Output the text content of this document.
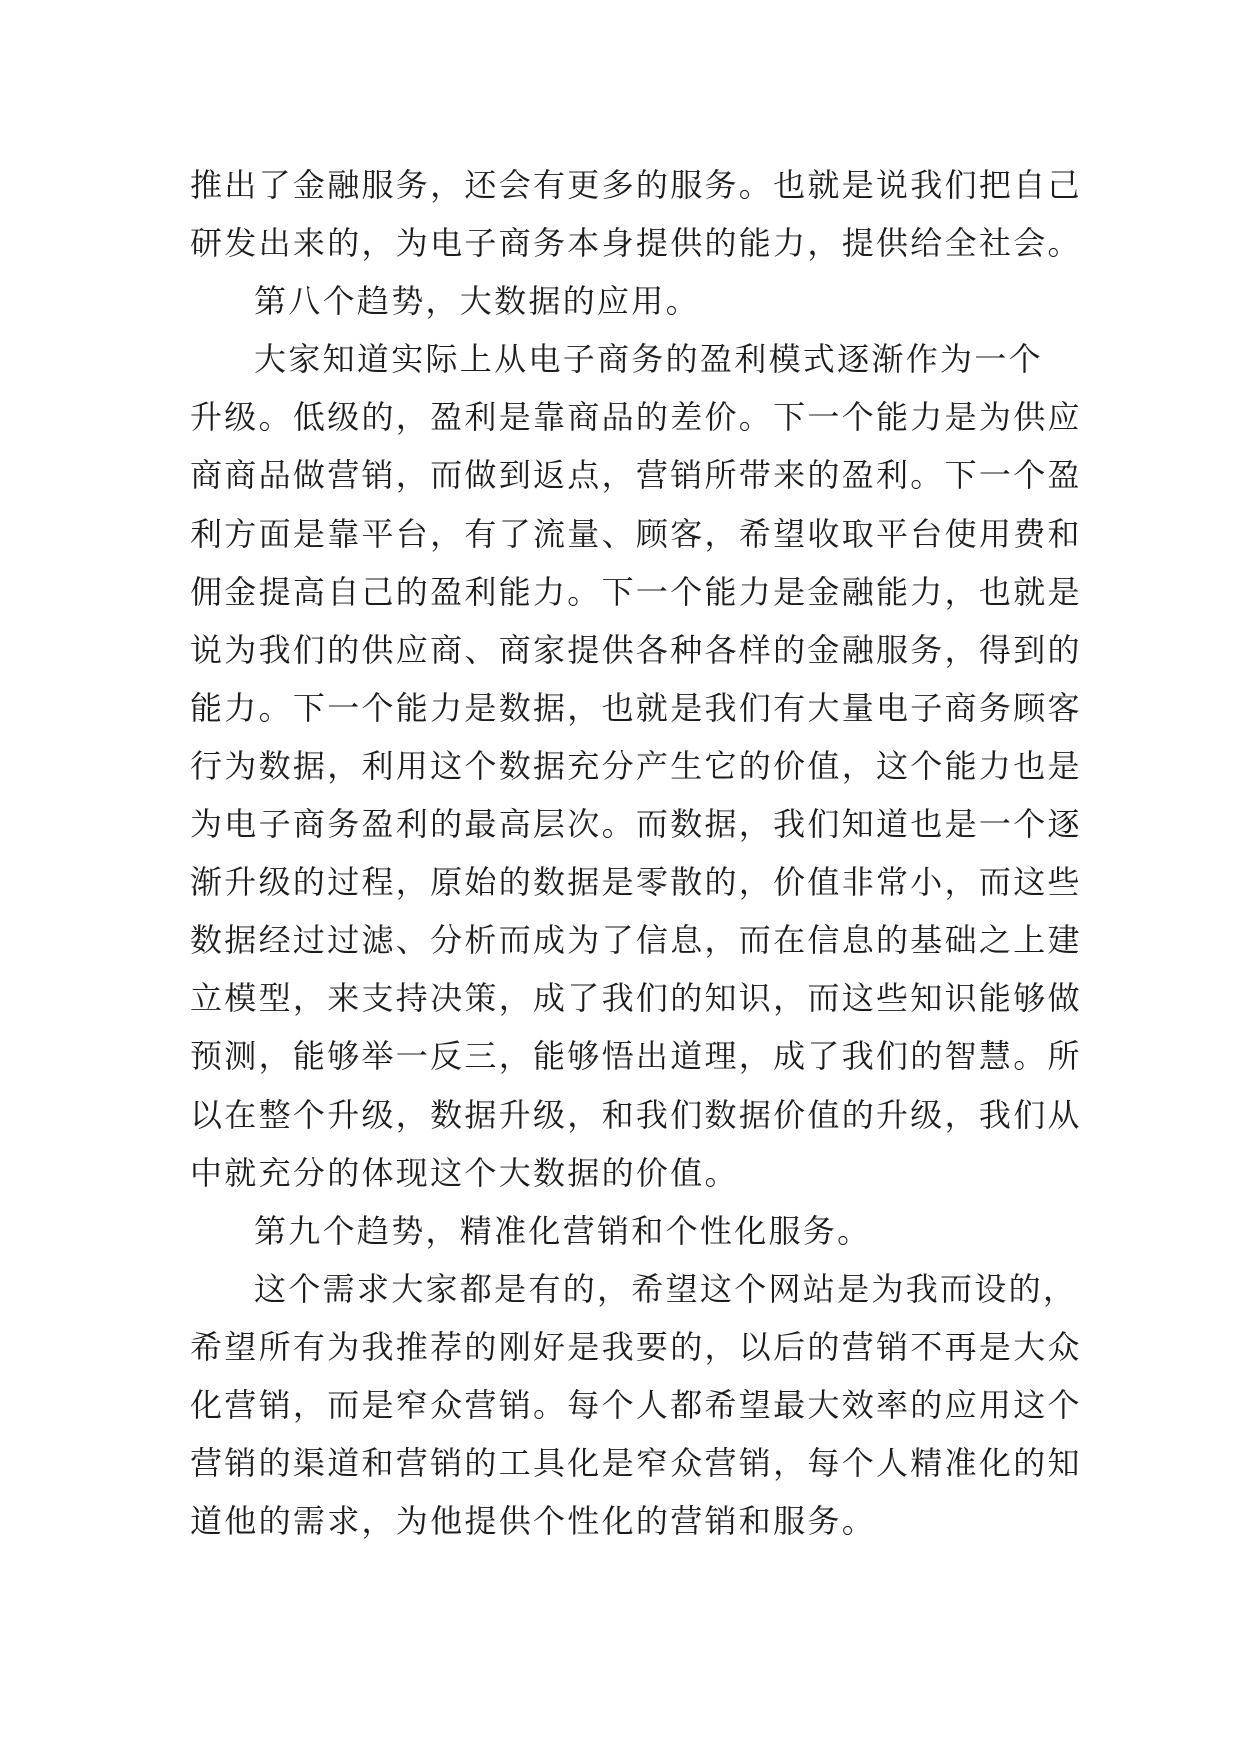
推出了金融服务，还会有更多的服务。也就是说我们把自己
研发出来的，为电子商务本身提供的能力，提供给全社会。
第八个趋势，大数据的应用。
大家知道实际上从电子商务的盈利模式逐渐作为一个
升级。低级的，盈利是靠商品的差价。下一个能力是为供应
商商品做营销，而做到返点，营销所带来的盈利。下一个盈
利方面是靠平台，有了流量、顾客，希望收取平台使用费和
佣金提高自己的盈利能力。下一个能力是金融能力，也就是
说为我们的供应商、商家提供各种各样的金融服务，得到的
能力。下一个能力是数据，也就是我们有大量电子商务顾客
行为数据，利用这个数据充分产生它的价值，这个能力也是
为电子商务盈利的最高层次。而数据，我们知道也是一个逐
渐升级的过程，原始的数据是零散的，价值非常小，而这些
数据经过过滤、分析而成为了信息，而在信息的基础之上建
立模型，来支持决策，成了我们的知识，而这些知识能够做
预测，能够举一反三，能够悟出道理，成了我们的智慧。所
以在整个升级，数据升级，和我们数据价值的升级，我们从
中就充分的体现这个大数据的价值。
第九个趋势，精准化营销和个性化服务。
这个需求大家都是有的，希望这个网站是为我而设的，
希望所有为我推荐的刚好是我要的，以后的营销不再是大众
化营销，而是窄众营销。每个人都希望最大效率的应用这个
营销的渠道和营销的工具化是窄众营销，每个人精准化的知
道他的需求，为他提供个性化的营销和服务。
